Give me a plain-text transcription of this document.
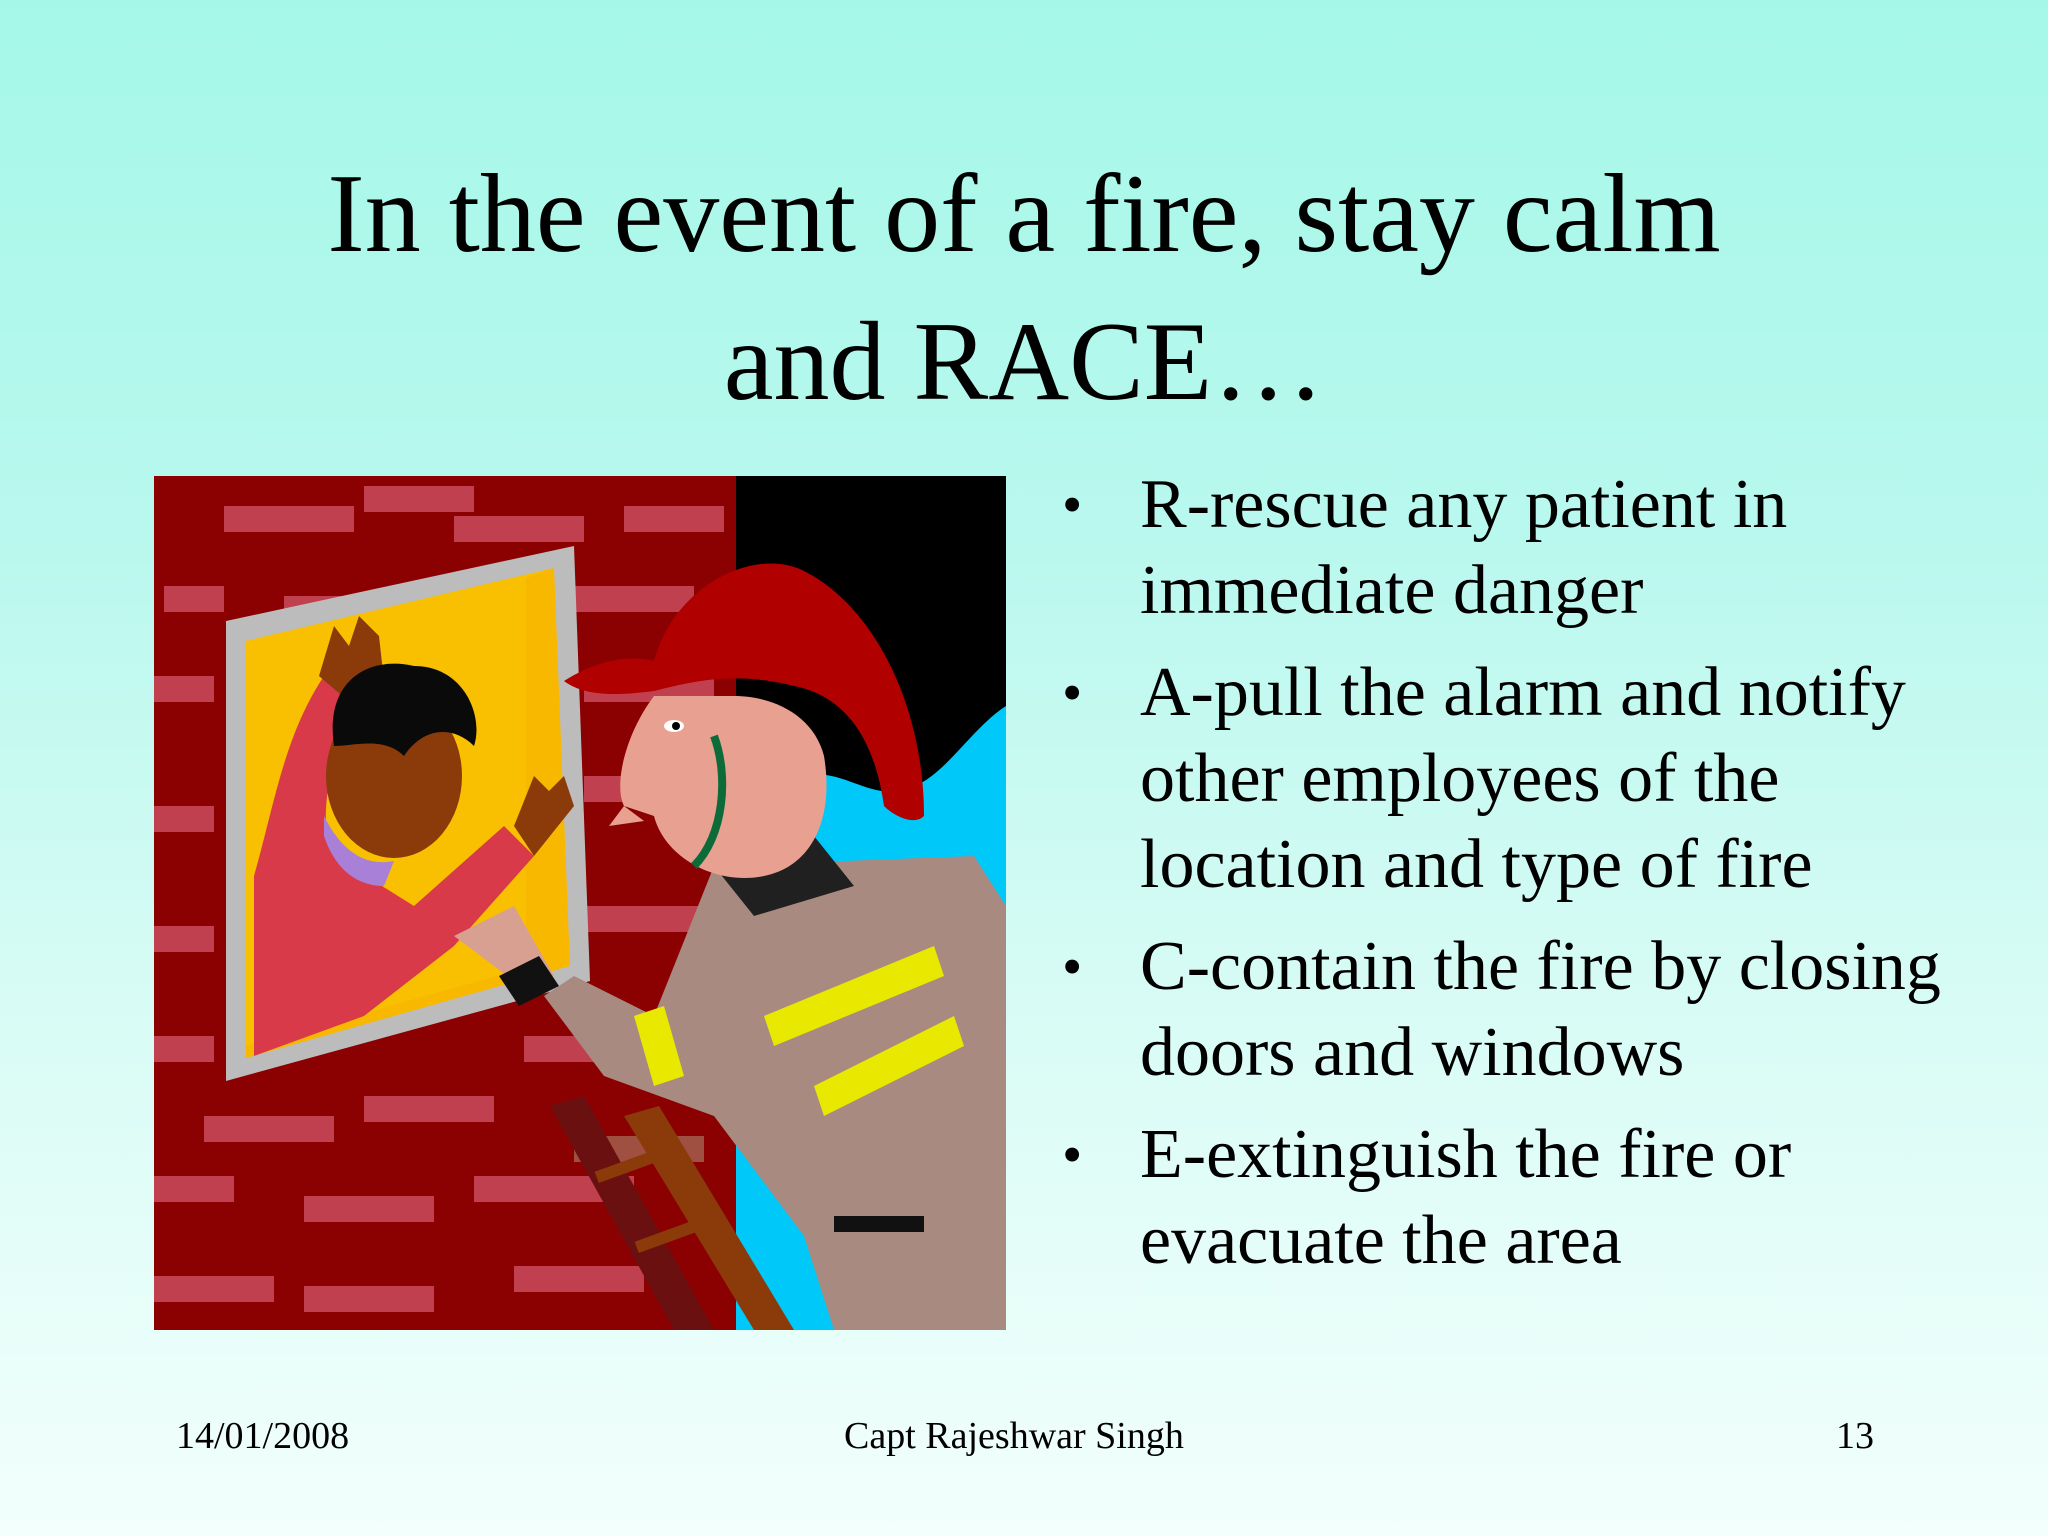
In the event of a fire, stay calm
and RACE…
• R-rescue any patient in immediate danger
• A-pull the alarm and notify other employees of the location and type of fire
• C-contain the fire by closing doors and windows
• E-extinguish the fire or evacuate the area
14/01/2008	Capt Rajeshwar Singh	13
